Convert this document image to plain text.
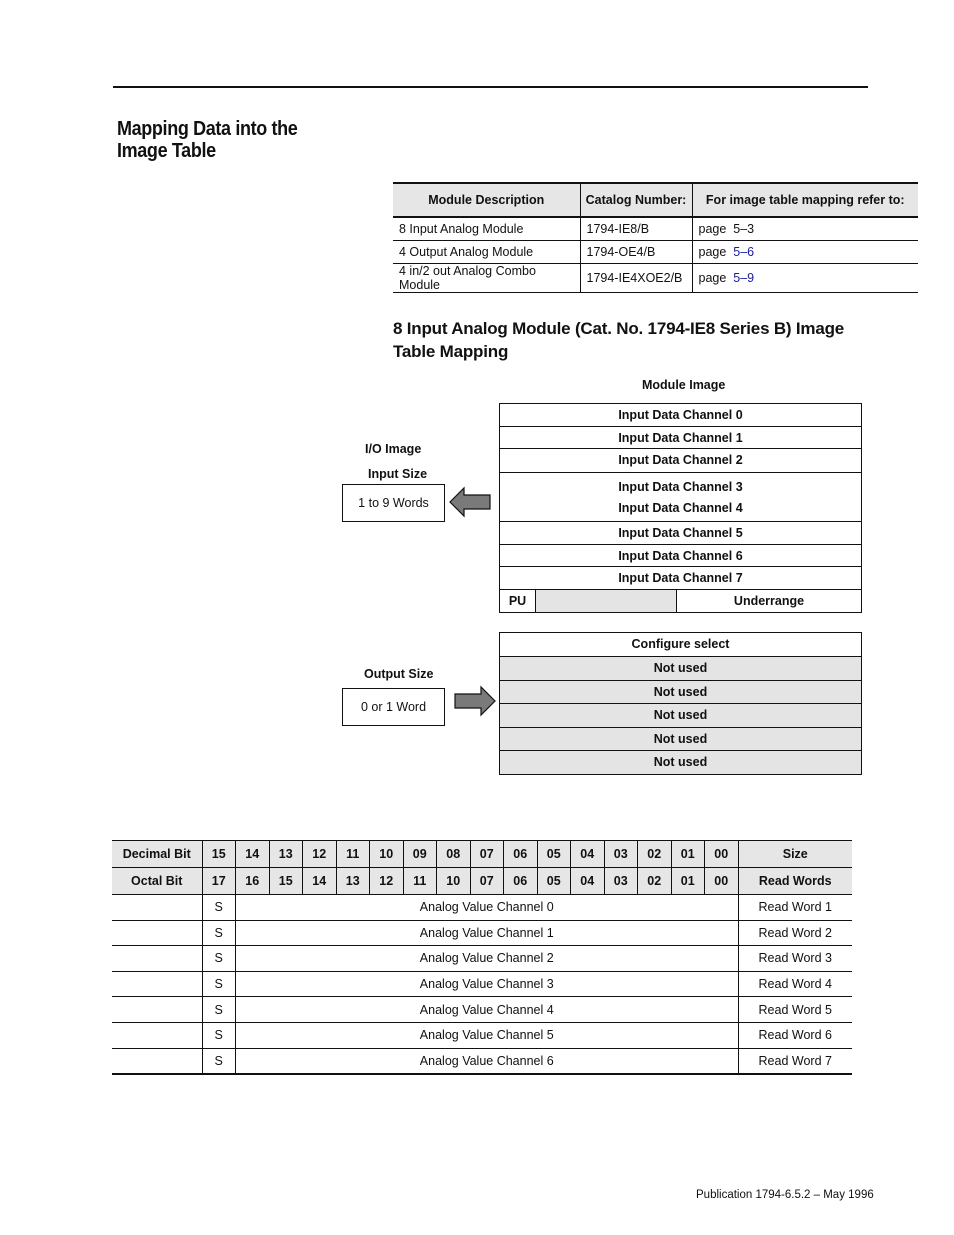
Mapping Data into the
Image Table
Module Description	Catalog Number:	For image table mapping refer to:
8 Input Analog Module	1794-IE8/B	page  5–3
4 Output Analog Module	1794-OE4/B	page  5–6
4 in/2 out Analog Combo Module	1794-IE4XOE2/B	page  5–9
8 Input Analog Module (Cat. No. 1794-IE8 Series B) Image Table Mapping
Module Image
I/O Image
Input Size
1 to 9 Words
Input Data Channel 0
Input Data Channel 1
Input Data Channel 2
Input Data Channel 3
Input Data Channel 4
Input Data Channel 5
Input Data Channel 6
Input Data Channel 7
PU	Underrange
Output Size
0 or 1 Word
Configure select
Not used
Not used
Not used
Not used
Not used
Decimal Bit	15	14	13	12	11	10	09	08	07	06	05	04	03	02	01	00	Size
Octal Bit	17	16	15	14	13	12	11	10	07	06	05	04	03	02	01	00	Read Words
	S	Analog Value Channel 0															Read Word 1
	S	Analog Value Channel 1															Read Word 2
	S	Analog Value Channel 2															Read Word 3
	S	Analog Value Channel 3															Read Word 4
	S	Analog Value Channel 4															Read Word 5
	S	Analog Value Channel 5															Read Word 6
	S	Analog Value Channel 6															Read Word 7
Publication 1794-6.5.2 – May 1996
